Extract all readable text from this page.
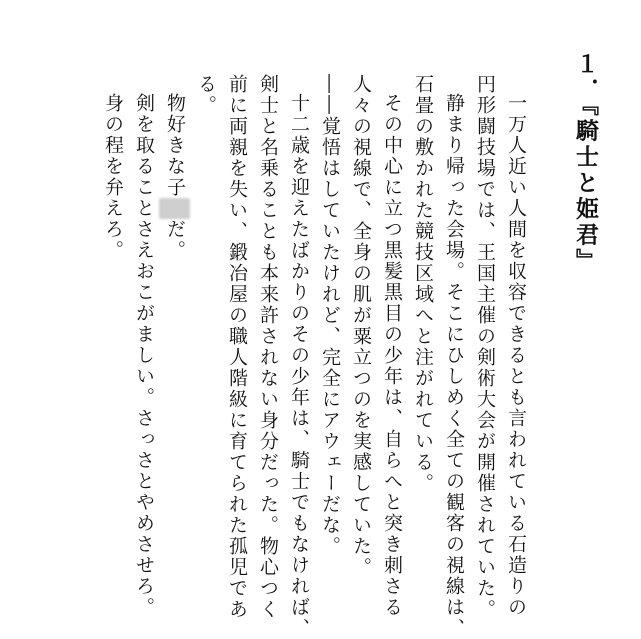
１．『騎士と姫君』

一万人近い人間を収容できるとも言われている石造りの

円形闘技場では、王国主催の剣術大会が開催されていた。

静まり帰った会場。そこにひしめく全ての観客の視線は、

石畳の敷かれた競技区域へと注がれている。

その中心に立つ黒髪黒目の少年は、自らへと突き刺さる

人々の視線で、全身の肌が粟立つのを実感していた。

――覚悟はしていたけれど、完全にアウェーだな。

十二歳を迎えたばかりのその少年は、騎士でもなければ、

剣士と名乗ることも本来許されない身分だった。物心つく

前に両親を失い、鍛冶屋の職人階級に育てられた孤児であ

る。

物好きな子だ。

剣を取ることさえおこがましい。さっさとやめさせろ。

身の程を弁えろ。
